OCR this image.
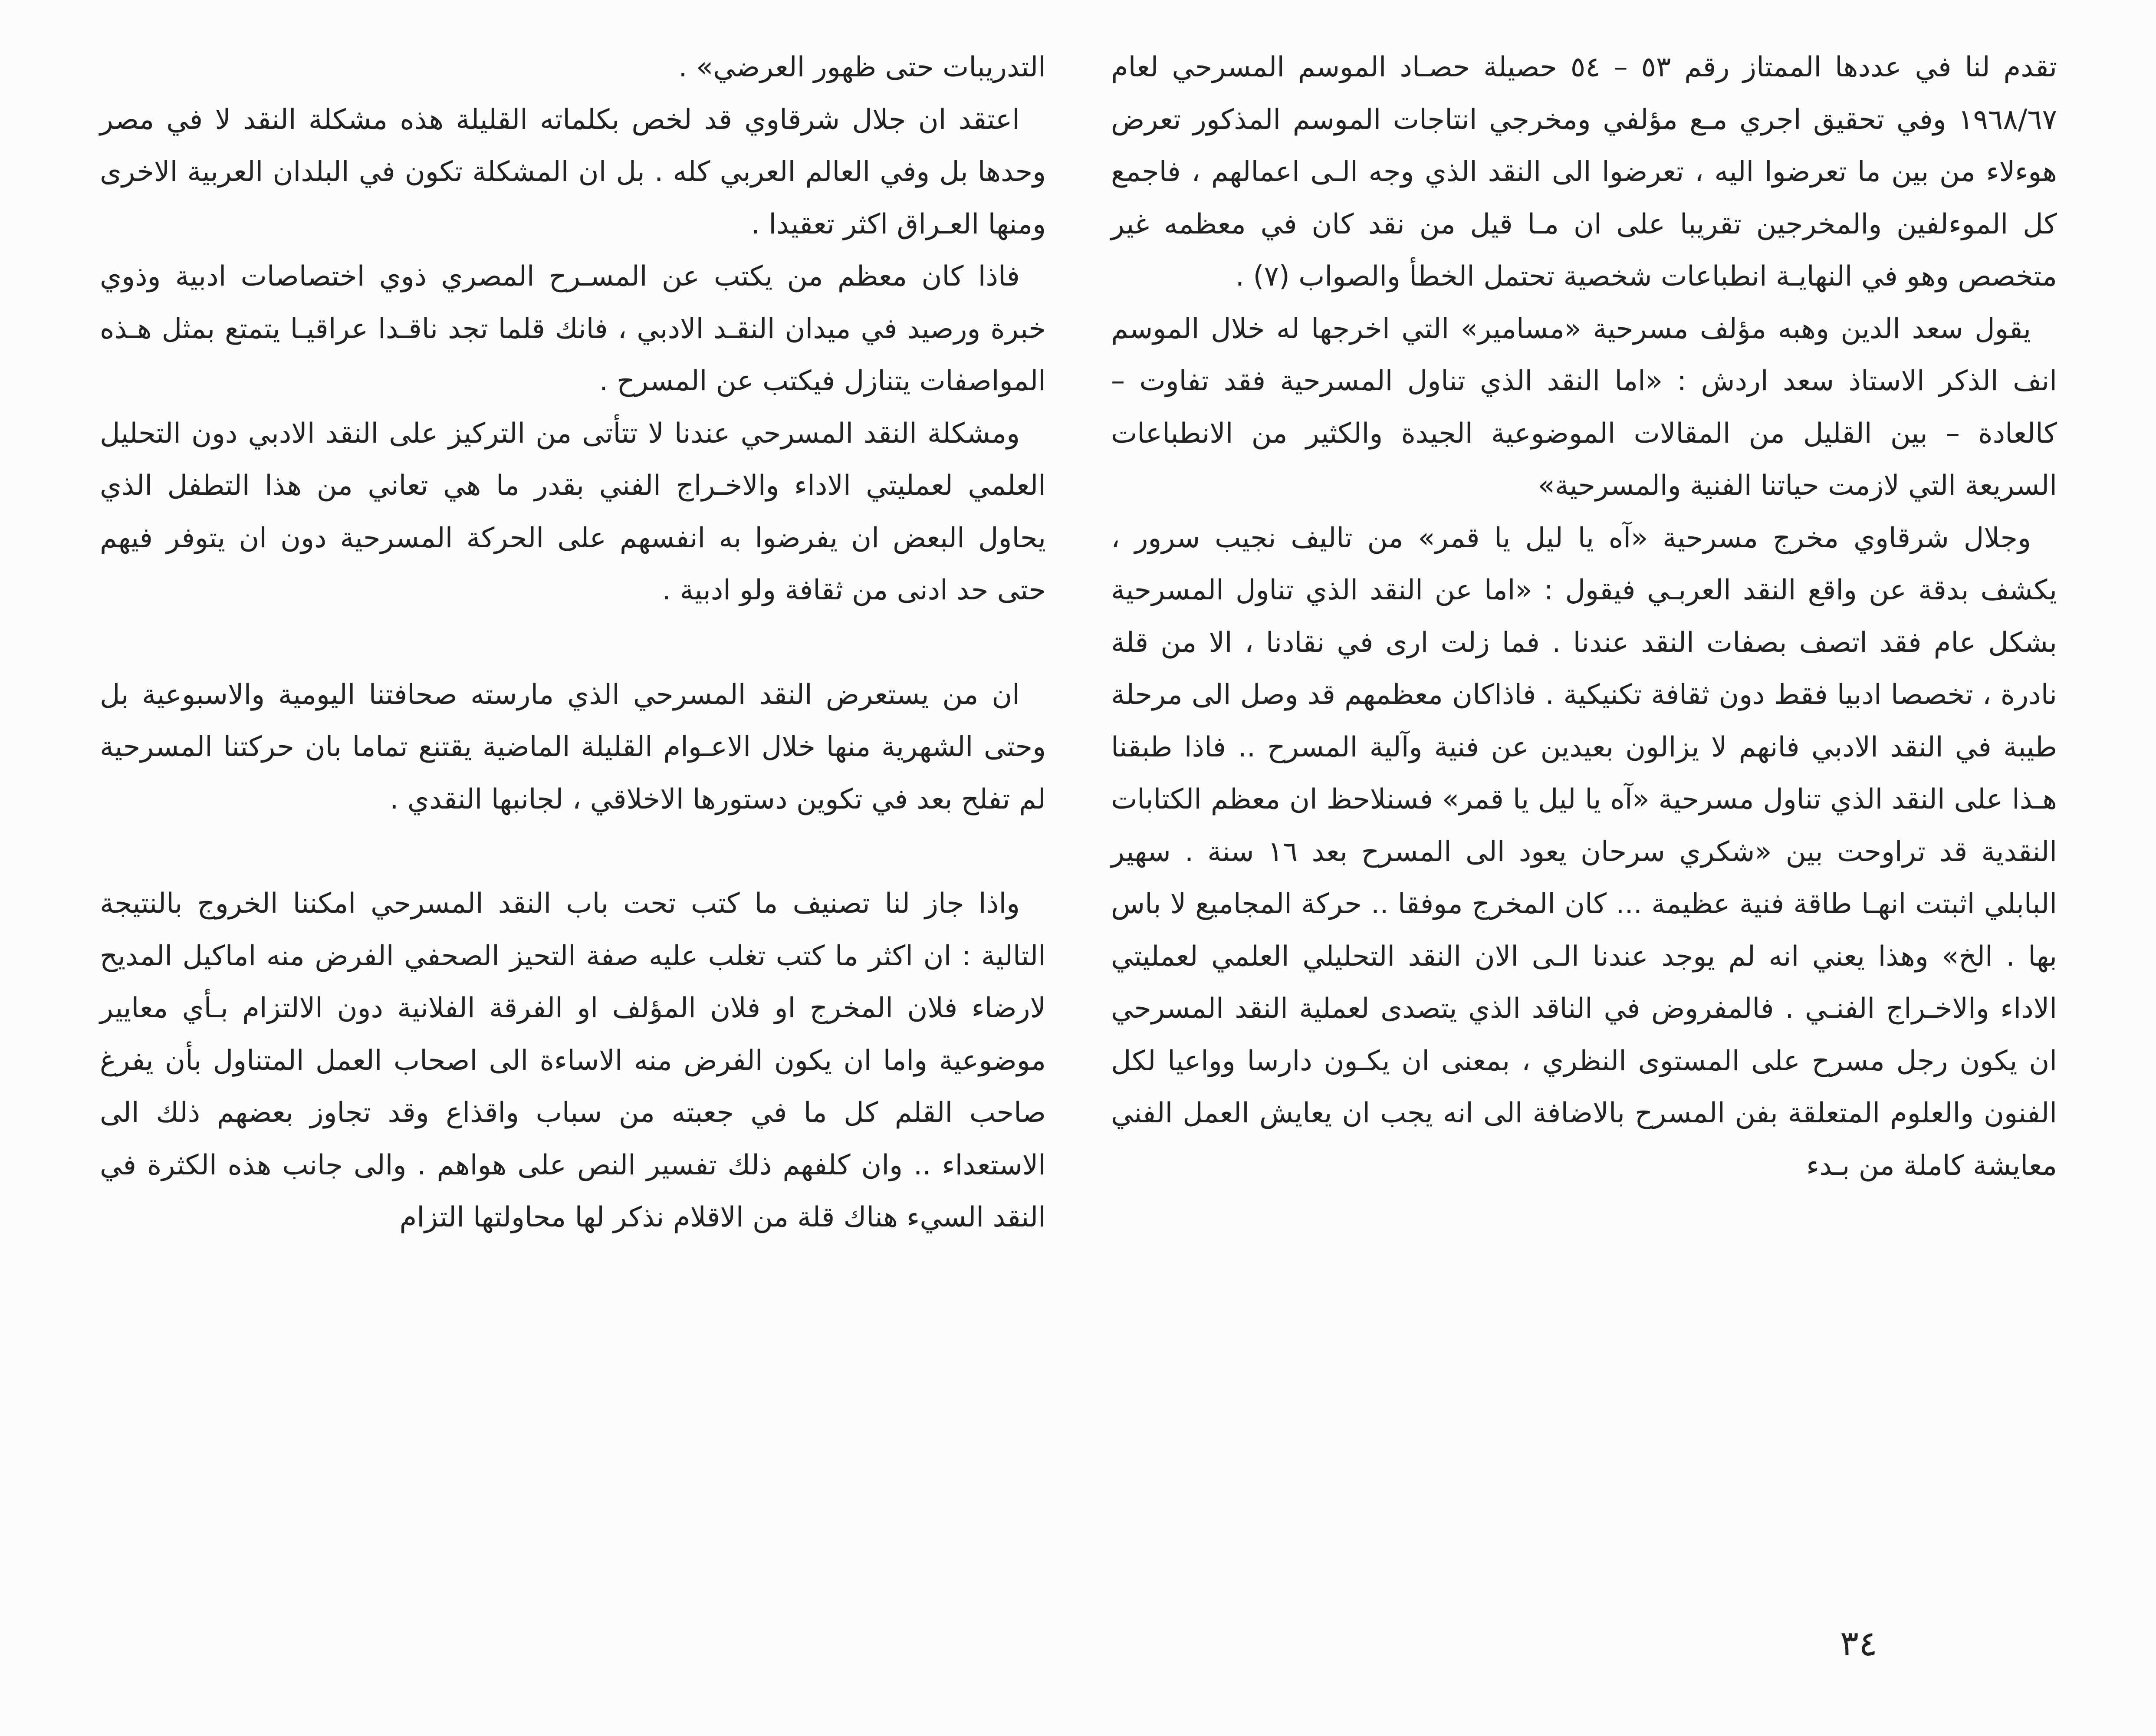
تقدم لنا في عددها الممتاز رقم ٥٣ – ٥٤ حصيلة حصـاد الموسم المسرحي لعام ١٩٦٨/٦٧ وفي تحقيق اجري مـع مؤلفي ومخرجي انتاجات الموسم المذكور تعرض هوءلاء من بين ما تعرضوا اليه ، تعرضوا الى النقد الذي وجه الـى اعمالهم ، فاجمع كل الموءلفين والمخرجين تقريبا على ان مـا قيل من نقد كان في معظمه غير متخصص وهو في النهايـة انطباعات شخصية تحتمل الخطأ والصواب (٧) .

يقول سعد الدين وهبه مؤلف مسرحية «مسامير» التي اخرجها له خلال الموسم انف الذكر الاستاذ سعد اردش : «اما النقد الذي تناول المسرحية فقد تفاوت – كالعادة – بين القليل من المقالات الموضوعية الجيدة والكثير من الانطباعات السريعة التي لازمت حياتنا الفنية والمسرحية»

وجلال شرقاوي مخرج مسرحية «آه يا ليل يا قمر» من تاليف نجيب سرور ، يكشف بدقة عن واقع النقد العربـي فيقول : «اما عن النقد الذي تناول المسرحية بشكل عام فقد اتصف بصفات النقد عندنا . فما زلت ارى في نقادنا ، الا من قلة نادرة ، تخصصا ادبيا فقط دون ثقافة تكنيكية . فاذاكان معظمهم قد وصل الى مرحلة طيبة في النقد الادبي فانهم لا يزالون بعيدين عن فنية وآلية المسرح .. فاذا طبقنا هـذا على النقد الذي تناول مسرحية «آه يا ليل يا قمر» فسنلاحظ ان معظم الكتابات النقدية قد تراوحت بين «شكري سرحان يعود الى المسرح بعد ١٦ سنة . سهير البابلي اثبتت انهـا طاقة فنية عظيمة ... كان المخرج موفقا .. حركة المجاميع لا باس بها . الخ» وهذا يعني انه لم يوجد عندنا الـى الان النقد التحليلي العلمي لعمليتي الاداء والاخـراج الفنـي . فالمفروض في الناقد الذي يتصدى لعملية النقد المسرحي ان يكون رجل مسرح على المستوى النظري ، بمعنى ان يكـون دارسا وواعيا لكل الفنون والعلوم المتعلقة بفن المسرح بالاضافة الى انه يجب ان يعايش العمل الفني معايشة كاملة من بـدء

التدريبات حتى ظهور العرضي» .

اعتقد ان جلال شرقاوي قد لخص بكلماته القليلة هذه مشكلة النقد لا في مصر وحدها بل وفي العالم العربي كله . بل ان المشكلة تكون في البلدان العربية الاخرى ومنها العـراق اكثر تعقيدا .

فاذا كان معظم من يكتب عن المسـرح المصري ذوي اختصاصات ادبية وذوي خبرة ورصيد في ميدان النقـد الادبي ، فانك قلما تجد ناقـدا عراقيـا يتمتع بمثل هـذه المواصفات يتنازل فيكتب عن المسرح .

ومشكلة النقد المسرحي عندنا لا تتأتى من التركيز على النقد الادبي دون التحليل العلمي لعمليتي الاداء والاخـراج الفني بقدر ما هي تعاني من هذا التطفل الذي يحاول البعض ان يفرضوا به انفسهم على الحركة المسرحية دون ان يتوفر فيهم حتى حد ادنى من ثقافة ولو ادبية .

ان من يستعرض النقد المسرحي الذي مارسته صحافتنا اليومية والاسبوعية بل وحتى الشهرية منها خلال الاعـوام القليلة الماضية يقتنع تماما بان حركتنا المسرحية لم تفلح بعد في تكوين دستورها الاخلاقي ، لجانبها النقدي .

واذا جاز لنا تصنيف ما كتب تحت باب النقد المسرحي امكننا الخروج بالنتيجة التالية : ان اكثر ما كتب تغلب عليه صفة التحيز الصحفي الفرض منه اماكيل المديح لارضاء فلان المخرج او فلان المؤلف او الفرقة الفلانية دون الالتزام بـأي معايير موضوعية واما ان يكون الفرض منه الاساءة الى اصحاب العمل المتناول بأن يفرغ صاحب القلم كل ما في جعبته من سباب واقذاع وقد تجاوز بعضهم ذلك الى الاستعداء .. وان كلفهم ذلك تفسير النص على هواهم . والى جانب هذه الكثرة في النقد السيء هناك قلة من الاقلام نذكر لها محاولتها التزام

٣٤
